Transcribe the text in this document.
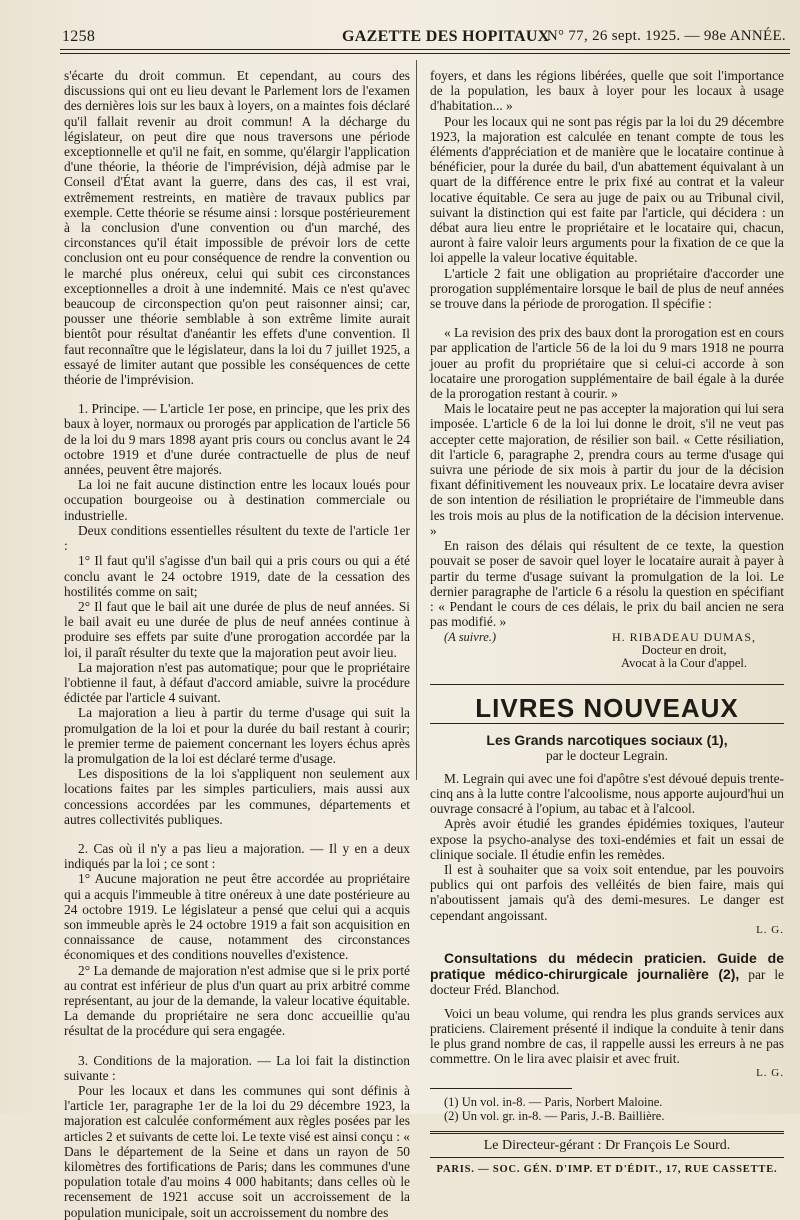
1258	GAZETTE DES HOPITAUX
N° 77, 26 sept. 1925. — 98e ANNÉE.

s'écarte du droit commun. Et cependant, au cours des discussions qui ont eu lieu devant le Parlement lors de l'examen des dernières lois sur les baux à loyers, on a maintes fois déclaré qu'il fallait revenir au droit commun! A la décharge du législateur, on peut dire que nous traversons une période exceptionnelle et qu'il ne fait, en somme, qu'élargir l'application d'une théorie, la théorie de l'imprévision, déjà admise par le Conseil d'État avant la guerre, dans des cas, il est vrai, extrêmement restreints, en matière de travaux publics par exemple. Cette théorie se résume ainsi : lorsque postérieurement à la conclusion d'une convention ou d'un marché, des circonstances qu'il était impossible de prévoir lors de cette conclusion ont eu pour conséquence de rendre la convention ou le marché plus onéreux, celui qui subit ces circonstances exceptionnelles a droit à une indemnité. Mais ce n'est qu'avec beaucoup de circonspection qu'on peut raisonner ainsi; car, pousser une théorie semblable à son extrême limite aurait bientôt pour résultat d'anéantir les effets d'une convention. Il faut reconnaître que le législateur, dans la loi du 7 juillet 1925, a essayé de limiter autant que possible les conséquences de cette théorie de l'imprévision.

1. Principe. — L'article 1er pose, en principe, que les prix des baux à loyer, normaux ou prorogés par application de l'article 56 de la loi du 9 mars 1898 ayant pris cours ou conclus avant le 24 octobre 1919 et d'une durée contractuelle de plus de neuf années, peuvent être majorés.

La loi ne fait aucune distinction entre les locaux loués pour occupation bourgeoise ou à destination commerciale ou industrielle.

Deux conditions essentielles résultent du texte de l'article 1er :

1° Il faut qu'il s'agisse d'un bail qui a pris cours ou qui a été conclu avant le 24 octobre 1919, date de la cessation des hostilités comme on sait;

2° Il faut que le bail ait une durée de plus de neuf années. Si le bail avait eu une durée de plus de neuf années continue à produire ses effets par suite d'une prorogation accordée par la loi, il paraît résulter du texte que la majoration peut avoir lieu.

La majoration n'est pas automatique; pour que le propriétaire l'obtienne il faut, à défaut d'accord amiable, suivre la procédure édictée par l'article 4 suivant.

La majoration a lieu à partir du terme d'usage qui suit la promulgation de la loi et pour la durée du bail restant à courir; le premier terme de paiement concernant les loyers échus après la promulgation de la loi est déclaré terme d'usage.

Les dispositions de la loi s'appliquent non seulement aux locations faites par les simples particuliers, mais aussi aux concessions accordées par les communes, départements et autres collectivités publiques.

2. Cas où il n'y a pas lieu a majoration. — Il y en a deux indiqués par la loi ; ce sont :

1° Aucune majoration ne peut être accordée au propriétaire qui a acquis l'immeuble à titre onéreux à une date postérieure au 24 octobre 1919. Le législateur a pensé que celui qui a acquis son immeuble après le 24 octobre 1919 a fait son acquisition en connaissance de cause, notamment des circonstances économiques et des conditions nouvelles d'existence.

2° La demande de majoration n'est admise que si le prix porté au contrat est inférieur de plus d'un quart au prix arbitré comme représentant, au jour de la demande, la valeur locative équitable. La demande du propriétaire ne sera donc accueillie qu'au résultat de la procédure qui sera engagée.

3. Conditions de la majoration. — La loi fait la distinction suivante :

Pour les locaux et dans les communes qui sont définis à l'article 1er, paragraphe 1er de la loi du 29 décembre 1923, la majoration est calculée conformément aux règles posées par les articles 2 et suivants de cette loi. Le texte visé est ainsi conçu : « Dans le département de la Seine et dans un rayon de 50 kilomètres des fortifications de Paris; dans les communes d'une population totale d'au moins 4 000 habitants; dans celles où le recensement de 1921 accuse soit un accroissement de la population municipale, soit un accroissement du nombre des

foyers, et dans les régions libérées, quelle que soit l'importance de la population, les baux à loyer pour les locaux à usage d'habitation... »

Pour les locaux qui ne sont pas régis par la loi du 29 décembre 1923, la majoration est calculée en tenant compte de tous les éléments d'appréciation et de manière que le locataire continue à bénéficier, pour la durée du bail, d'un abattement équivalant à un quart de la différence entre le prix fixé au contrat et la valeur locative équitable. Ce sera au juge de paix ou au Tribunal civil, suivant la distinction qui est faite par l'article, qui décidera : un débat aura lieu entre le propriétaire et le locataire qui, chacun, auront à faire valoir leurs arguments pour la fixation de ce que la loi appelle la valeur locative équitable.

L'article 2 fait une obligation au propriétaire d'accorder une prorogation supplémentaire lorsque le bail de plus de neuf années se trouve dans la période de prorogation. Il spécifie :

« La revision des prix des baux dont la prorogation est en cours par application de l'article 56 de la loi du 9 mars 1918 ne pourra jouer au profit du propriétaire que si celui-ci accorde à son locataire une prorogation supplémentaire de bail égale à la durée de la prorogation restant à courir. »

Mais le locataire peut ne pas accepter la majoration qui lui sera imposée. L'article 6 de la loi lui donne le droit, s'il ne veut pas accepter cette majoration, de résilier son bail. « Cette résiliation, dit l'article 6, paragraphe 2, prendra cours au terme d'usage qui suivra une période de six mois à partir du jour de la décision fixant définitivement les nouveaux prix. Le locataire devra aviser de son intention de résiliation le propriétaire de l'immeuble dans les trois mois au plus de la notification de la décision intervenue. »

En raison des délais qui résultent de ce texte, la question pouvait se poser de savoir quel loyer le locataire aurait à payer à partir du terme d'usage suivant la promulgation de la loi. Le dernier paragraphe de l'article 6 a résolu la question en spécifiant : « Pendant le cours de ces délais, le prix du bail ancien ne sera pas modifié. »

(A suivre.)	H. RIBADEAU DUMAS,
Docteur en droit,
Avocat à la Cour d'appel.
LIVRES NOUVEAUX
Les Grands narcotiques sociaux (1),
par le docteur Legrain.

M. Legrain qui avec une foi d'apôtre s'est dévoué depuis trente-cinq ans à la lutte contre l'alcoolisme, nous apporte aujourd'hui un ouvrage consacré à l'opium, au tabac et à l'alcool.

Après avoir étudié les grandes épidémies toxiques, l'auteur expose la psycho-analyse des toxi-endémies et fait un essai de clinique sociale. Il étudie enfin les remèdes.

Il est à souhaiter que sa voix soit entendue, par les pouvoirs publics qui ont parfois des velléités de bien faire, mais qui n'aboutissent jamais qu'à des demi-mesures. Le danger est cependant angoissant.

L. G.

Consultations du médecin praticien. Guide de pratique médico-chirurgicale journalière (2), par le docteur Fréd. Blanchod.

Voici un beau volume, qui rendra les plus grands services aux praticiens. Clairement présenté il indique la conduite à tenir dans le plus grand nombre de cas, il rappelle aussi les erreurs à ne pas commettre. On le lira avec plaisir et avec fruit.

L. G.
(1) Un vol. in-8. — Paris, Norbert Maloine.
(2) Un vol. gr. in-8. — Paris, J.-B. Baillière.
Le Directeur-gérant : Dr François Le Sourd.
PARIS. — SOC. GÉN. D'IMP. ET D'ÉDIT., 17, RUE CASSETTE.
